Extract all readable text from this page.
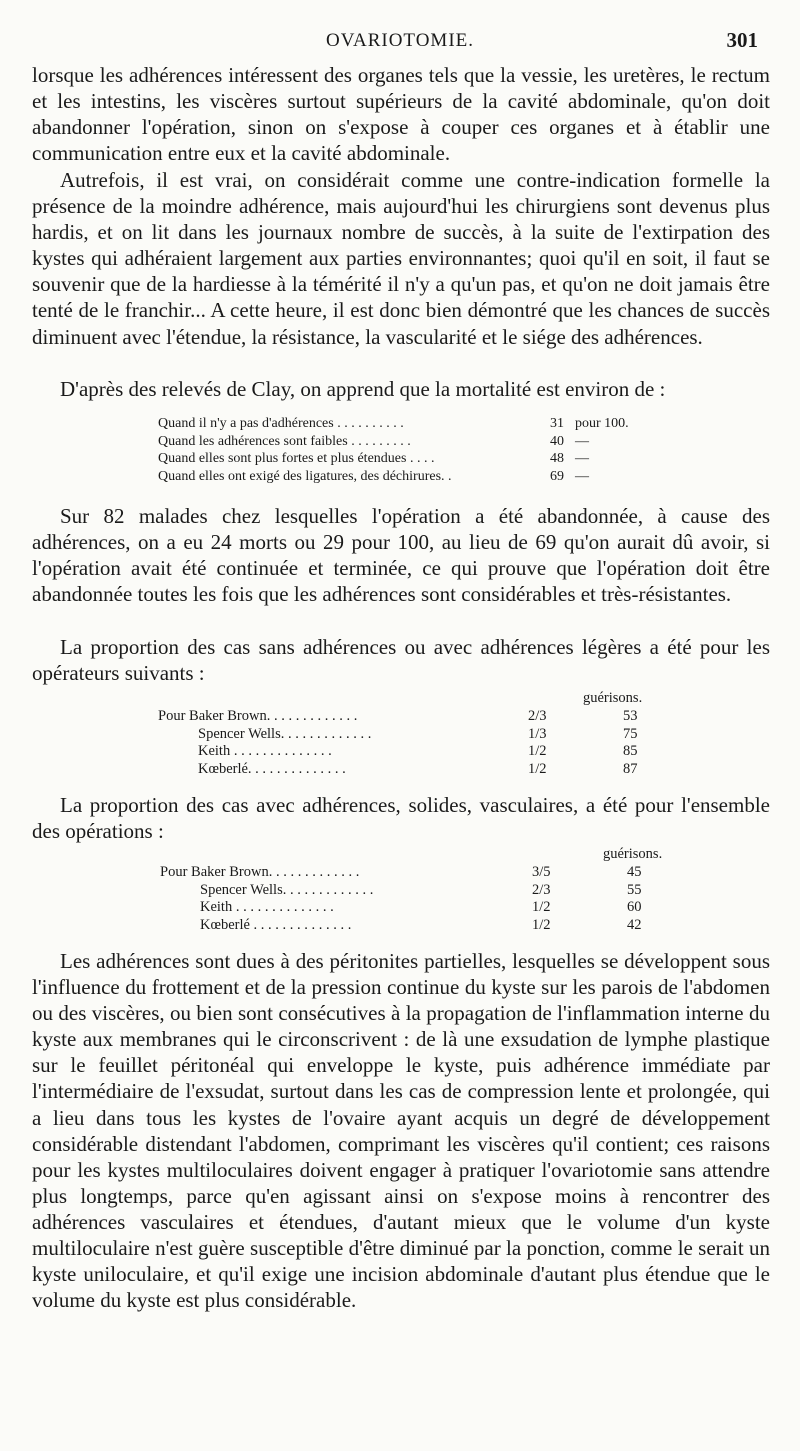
OVARIOTOMIE.	301

lorsque les adhérences intéressent des organes tels que la vessie, les uretères, le rectum et les intestins, les viscères surtout supérieurs de la cavité abdominale, qu'on doit abandonner l'opération, sinon on s'expose à couper ces organes et à établir une communication entre eux et la cavité abdominale.

Autrefois, il est vrai, on considérait comme une contre-indication formelle la présence de la moindre adhérence, mais aujourd'hui les chirurgiens sont devenus plus hardis, et on lit dans les journaux nombre de succès, à la suite de l'extirpation des kystes qui adhéraient largement aux parties environnantes; quoi qu'il en soit, il faut se souvenir que de la hardiesse à la témérité il n'y a qu'un pas, et qu'on ne doit jamais être tenté de le franchir... A cette heure, il est donc bien démontré que les chances de succès diminuent avec l'étendue, la résistance, la vascularité et le siége des adhérences.

D'après des relevés de Clay, on apprend que la mortalité est environ de :

Quand il n'y a pas d'adhérences . . . . . . . . . .	31 pour 100.
Quand les adhérences sont faibles . . . . . . . . .	40 —
Quand elles sont plus fortes et plus étendues . . . .	48 —
Quand elles ont exigé des ligatures, des déchirures. .	69 —

Sur 82 malades chez lesquelles l'opération a été abandonnée, à cause des adhérences, on a eu 24 morts ou 29 pour 100, au lieu de 69 qu'on aurait dû avoir, si l'opération avait été continuée et terminée, ce qui prouve que l'opération doit être abandonnée toutes les fois que les adhérences sont considérables et très-résistantes.

La proportion des cas sans adhérences ou avec adhérences légères a été pour les opérateurs suivants :

guérisons.
Pour Baker Brown. . . . . . . . . . . . .	2/3	53
Spencer Wells. . . . . . . . . . . . .	1/3	75
Keith . . . . . . . . . . . . . .	1/2	85
Kœberlé. . . . . . . . . . . . . .	1/2	87

La proportion des cas avec adhérences, solides, vasculaires, a été pour l'ensemble des opérations :

guérisons.
Pour Baker Brown. . . . . . . . . . . . .	3/5	45
Spencer Wells. . . . . . . . . . . . .	2/3	55
Keith . . . . . . . . . . . . . .	1/2	60
Kœberlé . . . . . . . . . . . . . .	1/2	42

Les adhérences sont dues à des péritonites partielles, lesquelles se développent sous l'influence du frottement et de la pression continue du kyste sur les parois de l'abdomen ou des viscères, ou bien sont consécutives à la propagation de l'inflammation interne du kyste aux membranes qui le circonscrivent : de là une exsudation de lymphe plastique sur le feuillet péritonéal qui enveloppe le kyste, puis adhérence immédiate par l'intermédiaire de l'exsudat, surtout dans les cas de compression lente et prolongée, qui a lieu dans tous les kystes de l'ovaire ayant acquis un degré de développement considérable distendant l'abdomen, comprimant les viscères qu'il contient; ces raisons pour les kystes multiloculaires doivent engager à pratiquer l'ovariotomie sans attendre plus longtemps, parce qu'en agissant ainsi on s'expose moins à rencontrer des adhérences vasculaires et étendues, d'autant mieux que le volume d'un kyste multiloculaire n'est guère susceptible d'être diminué par la ponction, comme le serait un kyste uniloculaire, et qu'il exige une incision abdominale d'autant plus étendue que le volume du kyste est plus considérable.
